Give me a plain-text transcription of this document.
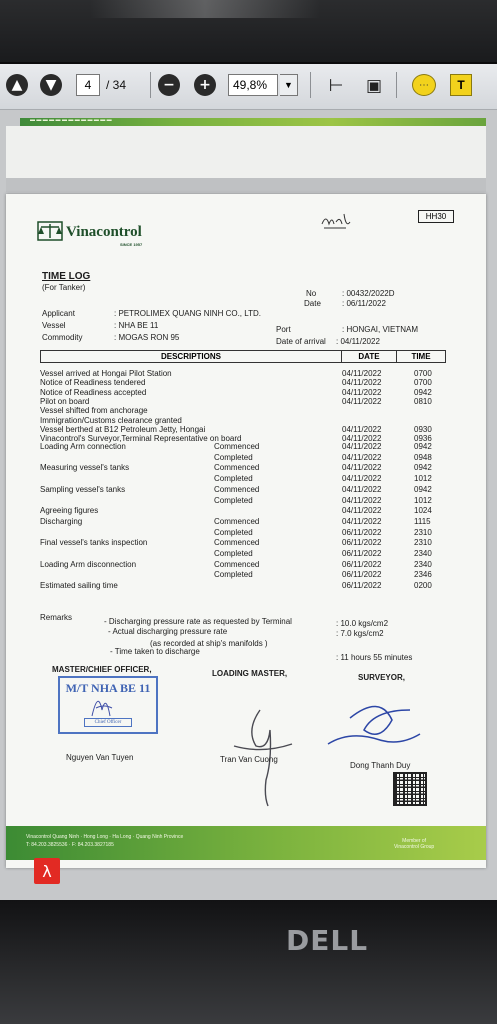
▲	▼	4	/ 34	−	+	49,8%	▼ ⊢ ▣	⋯	T
▬ ▬ ▬ ▬ ▬ ▬ ▬ ▬ ▬ ▬ ▬ ▬ ▬
Vinacontrol
SINCE 1957
HH30
TIME LOG
(For Tanker)
No	: 00432/2022D
Date	: 06/11/2022
Applicant	: PETROLIMEX QUANG NINH CO., LTD.
Vessel	: NHA BE 11
Commodity	: MOGAS RON 95
Port	: HONGAI, VIETNAM
Date of arrival : 04/11/2022
DESCRIPTIONS	DATE	TIME
Vessel arrived at Hongai Pilot Station	04/11/2022	0700
Notice of Readiness tendered	04/11/2022	0700
Notice of Readiness accepted	04/11/2022	0942
Pilot on board	04/11/2022	0810
Vessel shifted from anchorage
Immigration/Customs clearance granted
Vessel berthed at B12 Petroleum Jetty, Hongai	04/11/2022	0930
Vinacontrol's Surveyor,Terminal Representative on board	04/11/2022	0936
Loading Arm connection	Commenced	04/11/2022	0942
Completed	04/11/2022	0948
Measuring vessel's tanks	Commenced	04/11/2022	0942
Completed	04/11/2022	1012
Sampling vessel's tanks	Commenced	04/11/2022	0942
Completed	04/11/2022	1012
Agreeing figures	04/11/2022	1024
Discharging	Commenced	04/11/2022	1115
Completed	06/11/2022	2310
Final vessel's tanks inspection	Commenced	06/11/2022	2310
Completed	06/11/2022	2340
Loading Arm disconnection	Commenced	06/11/2022	2340
Completed	06/11/2022	2346
Estimated sailing time	06/11/2022	0200
Remarks	- Discharging pressure rate as requested by Terminal	: 10.0 kgs/cm2
- Actual discharging pressure rate	: 7.0 kgs/cm2
(as recorded at ship's manifolds )
- Time taken to discharge
: 11 hours 55 minutes
MASTER/CHIEF OFFICER,	LOADING MASTER,	SURVEYOR,
M/T NHA BE 11
Chief Officer
Nguyen Van Tuyen	Tran Van Cuong
Dong Thanh Duy
Vinacontrol Quang Ninh · Hong Long · Ha Long · Quang Ninh Province
T: 84.203.3825536 · F: 84.203.3827185
Member of
Vinacontrol Group
λ
DELL
